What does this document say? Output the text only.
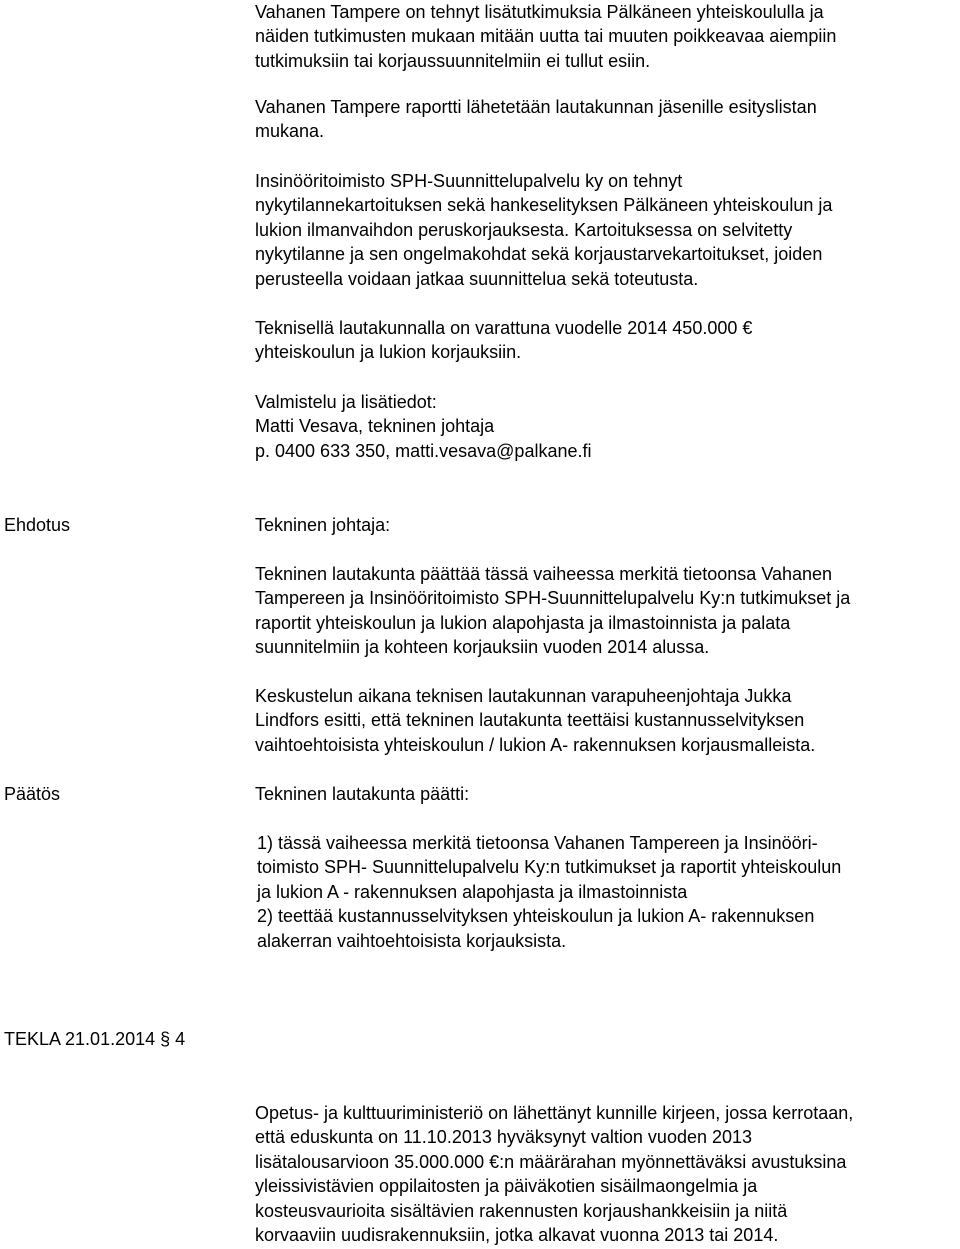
Vahanen Tampere on tehnyt lisätutkimuksia Pälkäneen yhteiskoululla ja
näiden tutkimusten mukaan mitään uutta tai muuten poikkeavaa aiempiin
tutkimuksiin tai korjaussuunnitelmiin ei tullut esiin.
Vahanen Tampere raportti lähetetään lautakunnan jäsenille esityslistan
mukana.
Insinööritoimisto SPH-Suunnittelupalvelu ky on tehnyt
nykytilannekartoituksen sekä hankeselityksen Pälkäneen yhteiskoulun ja
lukion ilmanvaihdon peruskorjauksesta. Kartoituksessa on selvitetty
nykytilanne ja sen ongelmakohdat sekä korjaustarvekartoitukset, joiden
perusteella voidaan jatkaa suunnittelua sekä toteutusta.
Teknisellä lautakunnalla on varattuna vuodelle 2014 450.000 €
yhteiskoulun ja lukion korjauksiin.
Valmistelu ja lisätiedot:
Matti Vesava, tekninen johtaja
p. 0400 633 350, matti.vesava@palkane.fi
Ehdotus	Tekninen johtaja:
Tekninen lautakunta päättää tässä vaiheessa merkitä tietoonsa Vahanen
Tampereen ja Insinööritoimisto SPH-Suunnittelupalvelu Ky:n tutkimukset ja
raportit yhteiskoulun ja lukion alapohjasta ja ilmastoinnista ja palata
suunnitelmiin ja kohteen korjauksiin vuoden 2014 alussa.
Keskustelun aikana teknisen lautakunnan varapuheenjohtaja Jukka
Lindfors esitti, että tekninen lautakunta teettäisi kustannusselvityksen
vaihtoehtoisista yhteiskoulun / lukion A- rakennuksen korjausmalleista.
Päätös	Tekninen lautakunta päätti:
1) tässä vaiheessa merkitä tietoonsa Vahanen Tampereen ja Insinööri-
toimisto SPH- Suunnittelupalvelu Ky:n tutkimukset ja raportit yhteiskoulun
ja lukion A - rakennuksen alapohjasta ja ilmastoinnista
2) teettää kustannusselvityksen yhteiskoulun ja lukion A- rakennuksen
alakerran vaihtoehtoisista korjauksista.
TEKLA 21.01.2014 § 4
Opetus- ja kulttuuriministeriö on lähettänyt kunnille kirjeen, jossa kerrotaan,
että eduskunta on 11.10.2013 hyväksynyt valtion vuoden 2013
lisätalousarvioon 35.000.000 €:n määrärahan myönnettäväksi avustuksina
yleissivistävien oppilaitosten ja päiväkotien sisäilmaongelmia ja
kosteusvaurioita sisältävien rakennusten korjaushankkeisiin ja niitä
korvaaviin uudisrakennuksiin, jotka alkavat vuonna 2013 tai 2014.
